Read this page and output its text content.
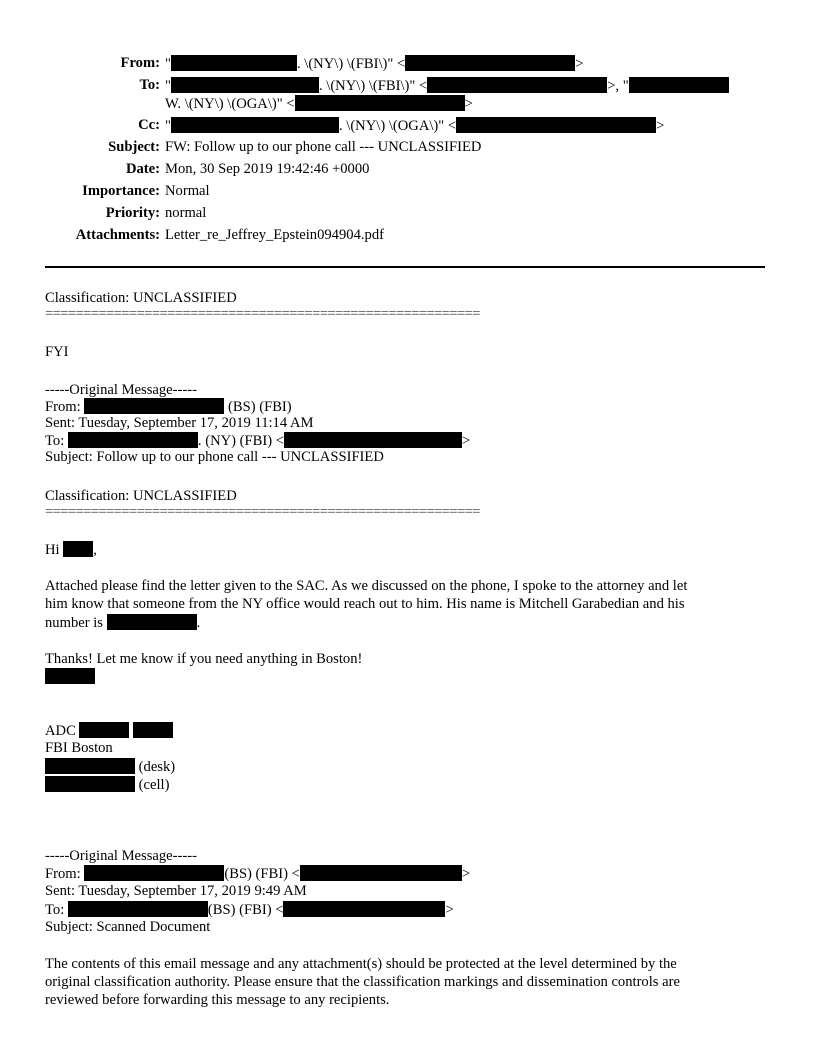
From: "	. \(NY\) \(FBI\)" <	>
To: "	. \(NY\) \(FBI\)" <	>, "
W. \(NY\) \(OGA\)" <	>
Cc: "	. \(NY\) \(OGA\)" <	>
Subject: FW: Follow up to our phone call --- UNCLASSIFIED
Date: Mon, 30 Sep 2019 19:42:46 +0000
Importance: Normal
Priority: normal
Attachments: Letter_re_Jeffrey_Epstein094904.pdf
Classification: UNCLASSIFIED
=========================================================
FYI
-----Original Message-----
From:	(BS) (FBI)
Sent: Tuesday, September 17, 2019 11:14 AM
To:	. (NY) (FBI) <	>
Subject: Follow up to our phone call --- UNCLASSIFIED
Classification: UNCLASSIFIED
=========================================================
Hi ,
Attached please find the letter given to the SAC. As we discussed on the phone, I spoke to the attorney and let
him know that someone from the NY office would reach out to him. His name is Mitchell Garabedian and his
number is	.
Thanks! Let me know if you need anything in Boston!
ADC
FBI Boston
(desk)
(cell)
-----Original Message-----
From:	(BS) (FBI) <	>
Sent: Tuesday, September 17, 2019 9:49 AM
To:	(BS) (FBI) <	>
Subject: Scanned Document
The contents of this email message and any attachment(s) should be protected at the level determined by the
original classification authority. Please ensure that the classification markings and dissemination controls are
reviewed before forwarding this message to any recipients.
